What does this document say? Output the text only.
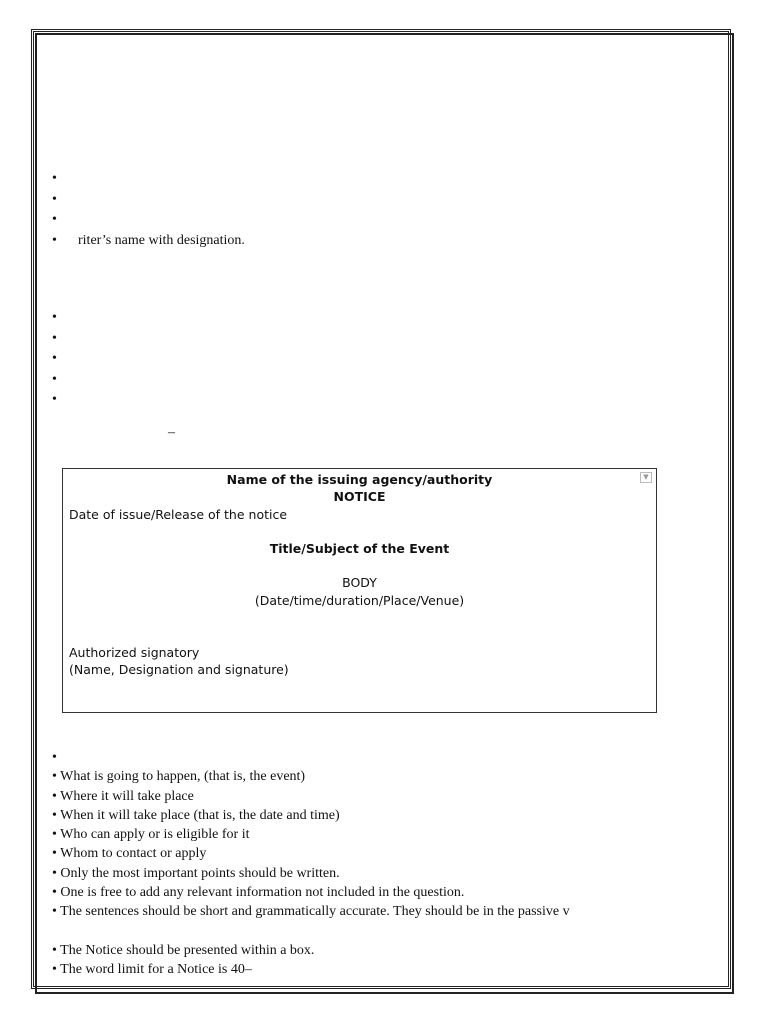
•
•
•
• riter’s name with designation.
•
•
•
•
•
–
▼
Name of the issuing agency/authority
NOTICE
Date of issue/Release of the notice
Title/Subject of the Event
BODY
(Date/time/duration/Place/Venue)
Authorized signatory
(Name, Designation and signature)
•
• What is going to happen, (that is, the event)
• Where it will take place
• When it will take place (that is, the date and time)
• Who can apply or is eligible for it
• Whom to contact or apply
• Only the most important points should be written.
• One is free to add any relevant information not included in the question.
• The sentences should be short and grammatically accurate. They should be in the passive v
• The Notice should be presented within a box.
• The word limit for a Notice is 40–
